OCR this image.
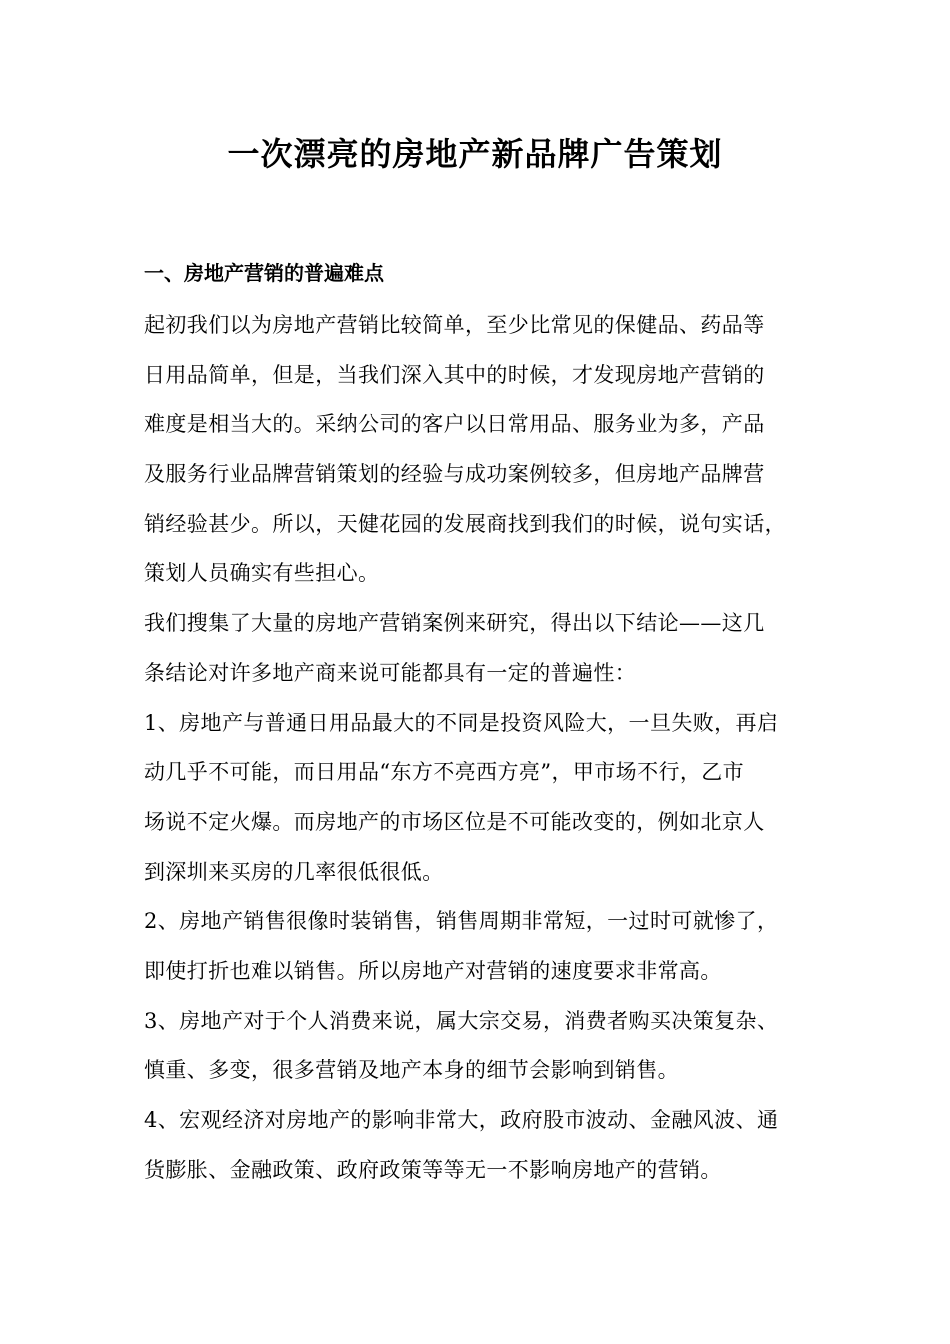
一次漂亮的房地产新品牌广告策划
一、房地产营销的普遍难点
起初我们以为房地产营销比较简单，至少比常见的保健品、药品等
日用品简单，但是，当我们深入其中的时候，才发现房地产营销的
难度是相当大的。采纳公司的客户以日常用品、服务业为多，产品
及服务行业品牌营销策划的经验与成功案例较多，但房地产品牌营
销经验甚少。所以，天健花园的发展商找到我们的时候，说句实话，
策划人员确实有些担心。
我们搜集了大量的房地产营销案例来研究，得出以下结论——这几
条结论对许多地产商来说可能都具有一定的普遍性：
1、房地产与普通日用品最大的不同是投资风险大，一旦失败，再启
动几乎不可能，而日用品“东方不亮西方亮”，甲市场不行，乙市
场说不定火爆。而房地产的市场区位是不可能改变的，例如北京人
到深圳来买房的几率很低很低。
2、房地产销售很像时装销售，销售周期非常短，一过时可就惨了，
即使打折也难以销售。所以房地产对营销的速度要求非常高。
3、房地产对于个人消费来说，属大宗交易，消费者购买决策复杂、
慎重、多变，很多营销及地产本身的细节会影响到销售。
4、宏观经济对房地产的影响非常大，政府股市波动、金融风波、通
货膨胀、金融政策、政府政策等等无一不影响房地产的营销。
